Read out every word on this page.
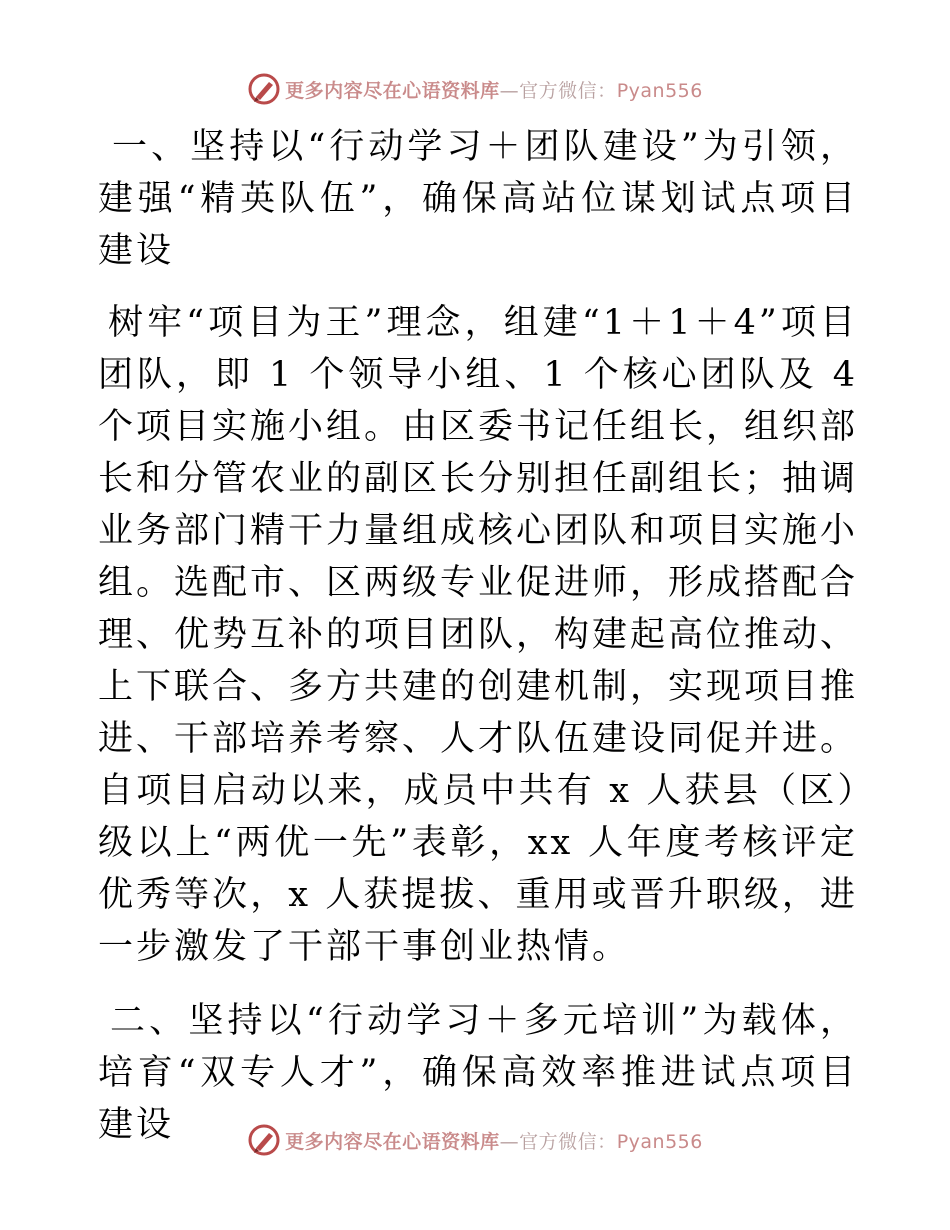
更多内容尽在心语资料库—官方微信：Pyan556

一、坚持以“行动学习＋团队建设”为引领，建强“精英队伍”，确保高站位谋划试点项目建设

树牢“项目为王”理念，组建“1＋1＋4”项目团队，即 1 个领导小组、1 个核心团队及 4 个项目实施小组。由区委书记任组长，组织部长和分管农业的副区长分别担任副组长；抽调业务部门精干力量组成核心团队和项目实施小组。选配市、区两级专业促进师，形成搭配合理、优势互补的项目团队，构建起高位推动、上下联合、多方共建的创建机制，实现项目推进、干部培养考察、人才队伍建设同促并进。自项目启动以来，成员中共有 x 人获县（区）级以上“两优一先”表彰，xx 人年度考核评定优秀等次，x 人获提拔、重用或晋升职级，进一步激发了干部干事创业热情。

二、坚持以“行动学习＋多元培训”为载体，培育“双专人才”，确保高效率推进试点项目建设	更多内容尽在心语资料库—官方微信：Pyan556
